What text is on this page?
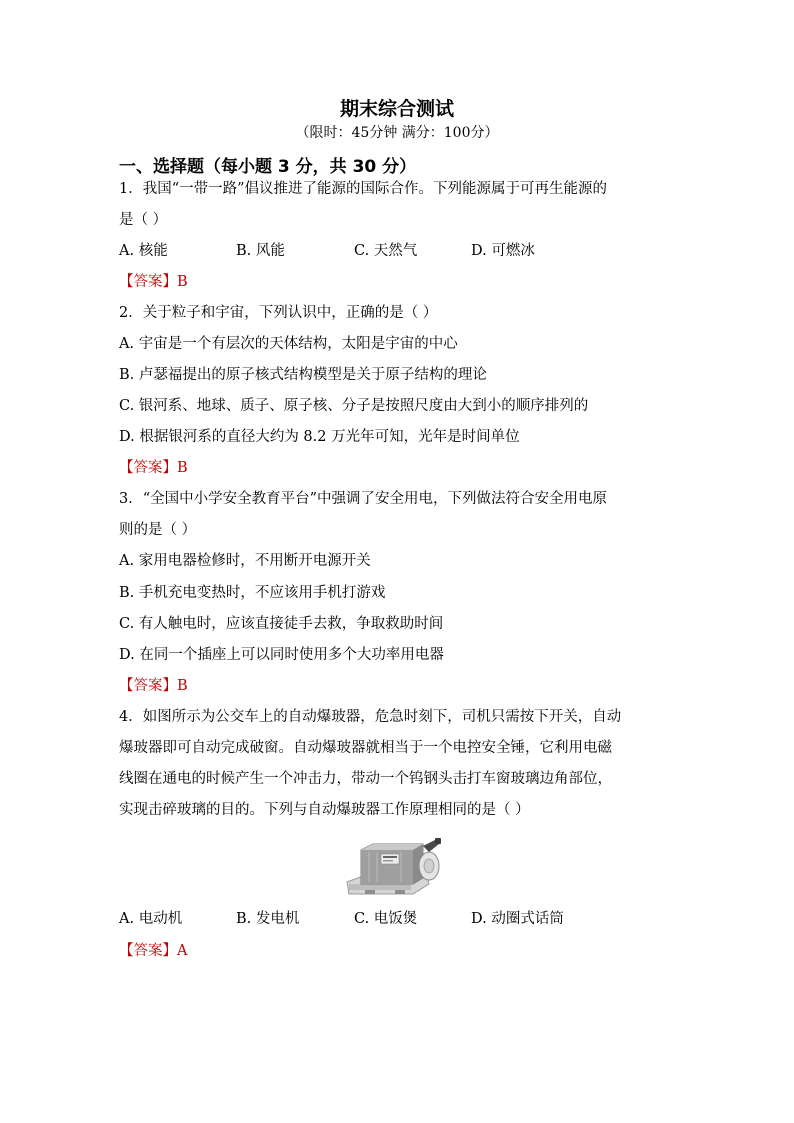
期末综合测试
（限时：45分钟 满分：100分）
一、选择题（每小题 3 分，共 30 分）
1．我国“一带一路”倡议推进了能源的国际合作。下列能源属于可再生能源的
是（ ）
A. 核能	B. 风能	C. 天然气	D. 可燃冰
【答案】B
2．关于粒子和宇宙，下列认识中，正确的是（ ）
A. 宇宙是一个有层次的天体结构，太阳是宇宙的中心
B. 卢瑟福提出的原子核式结构模型是关于原子结构的理论
C. 银河系、地球、质子、原子核、分子是按照尺度由大到小的顺序排列的
D. 根据银河系的直径大约为 8.2 万光年可知，光年是时间单位
【答案】B
3．“全国中小学安全教育平台”中强调了安全用电，下列做法符合安全用电原
则的是（ ）
A. 家用电器检修时，不用断开电源开关
B. 手机充电变热时，不应该用手机打游戏
C. 有人触电时，应该直接徒手去救，争取救助时间
D. 在同一个插座上可以同时使用多个大功率用电器
【答案】B
4．如图所示为公交车上的自动爆玻器，危急时刻下，司机只需按下开关，自动
爆玻器即可自动完成破窗。自动爆玻器就相当于一个电控安全锤，它利用电磁
线圈在通电的时候产生一个冲击力，带动一个钨钢头击打车窗玻璃边角部位，
实现击碎玻璃的目的。下列与自动爆玻器工作原理相同的是（ ）
A. 电动机	B. 发电机	C. 电饭煲	D. 动圈式话筒
【答案】A
